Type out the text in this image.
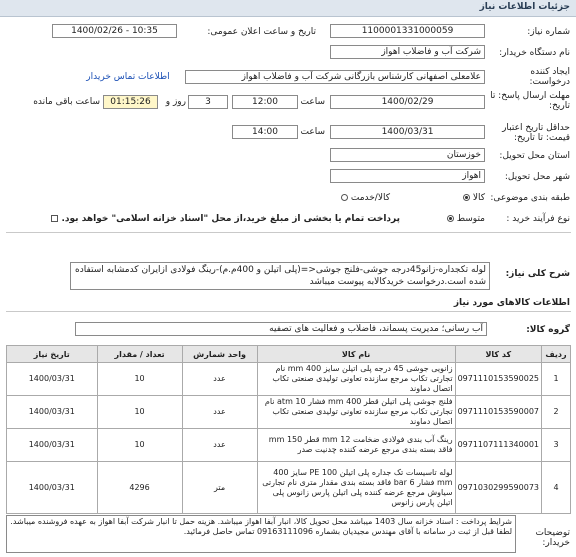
جزئیات اطلاعات نیاز
شماره نیاز:
1100001331000059
تاریخ و ساعت اعلان عمومی:
1400/02/26 - 10:35
نام دستگاه خریدار:
شرکت آب و فاضلاب اهواز
ایجاد کننده درخواست:
علامعلی اصفهانی کارشناس بازرگانی شرکت آب و فاضلاب اهواز
اطلاعات تماس خریدار
مهلت ارسال پاسخ: تا تاریخ:
1400/02/29
ساعت
12:00
3
روز و
01:15:26
ساعت باقی مانده
حداقل تاریخ اعتبار قیمت: تا تاریخ:
1400/03/31
ساعت
14:00
استان محل تحویل:
خوزستان
شهر محل تحویل:
اهواز
طبقه بندی موضوعی:
کالا
کالا/خدمت
نوع فرآیند خرید :
متوسط
پرداخت تمام یا بخشی از مبلغ خرید،از محل "اسناد خزانه اسلامی" خواهد بود.
شرح کلی نیاز:
لوله تکجداره-زانو45درجه جوشی-فلنج جوشی<=(پلی اتیلن و 400م.م)-رینگ فولادی ازایران کدمشابه استفاده شده است.درخواست خریدکالابه پیوست میباشد
اطلاعات کالاهای مورد نیاز
گروه کالا:
آب رسانی؛ مدیریت پسماند، فاضلاب و فعالیت های تصفیه
ردیف	کد کالا	نام کالا	واحد شمارش	تعداد / مقدار	تاریخ نیاز
1	0971110153590025	زانویی جوشی 45 درجه پلی اتیلن سایز 400 mm نام تجارتی تکاب مرجع سازنده تعاونی تولیدی صنعتی تکاب اتصال دماوند	عدد	10	1400/03/31
2	0971110153590007	فلنج جوشی پلی اتیلن قطر 400 mm فشار 10 atm نام تجارتی تکاب مرجع سازنده تعاونی تولیدی صنعتی تکاب اتصال دماوند	عدد	10	1400/03/31
3	0971107111340001	رینگ آب بندی فولادی ضخامت 12 mm قطر 150 mm فاقد بسته بندی مرجع عرضه کننده چدنیت صدر	عدد	10	1400/03/31
4	0971030299590073	لوله تاسیسات تک جداره پلی اتیلن PE 100 سایز 400 mm فشار 6 bar فاقد بسته بندی مقدار متری نام تجارتی سیاوش مرجع عرضه کننده پلی اتیلن پارس زانوس پلی اتیلن پارس زانوس	متر	4296	1400/03/31
توضیحات خریدار:
شرایط پرداخت : اسناد خزانه سال 1403 میباشد محل تحویل کالا، انبار آبفا اهواز میباشد. هزینه حمل تا انبار شرکت آبفا اهواز به عهده فروشنده میباشد. لطفا قبل از ثبت در سامانه با آقای مهندس مجیدیان بشماره 09163111096 تماس حاصل فرمائید.
